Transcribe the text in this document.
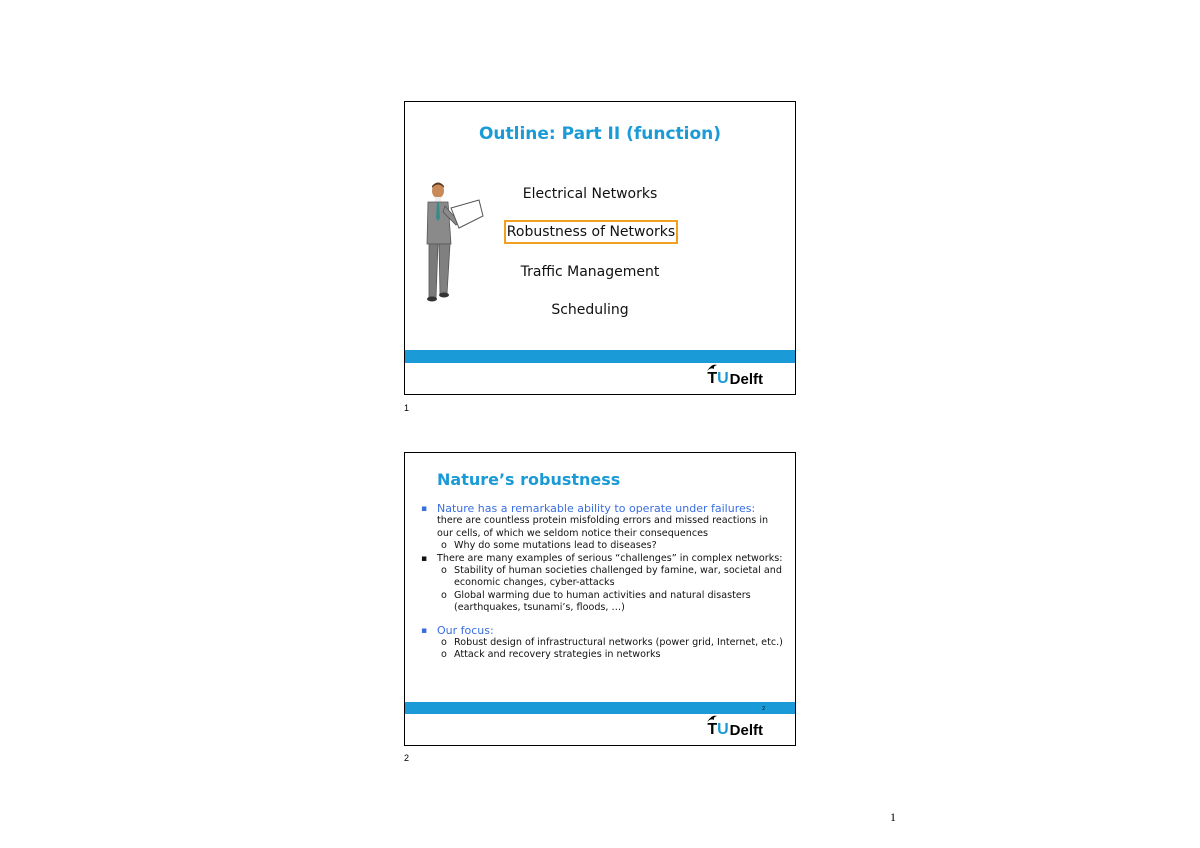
Outline: Part II (function)
Electrical Networks
Robustness of Networks
Traffic Management
Scheduling
TU Delft
1
Nature’s robustness
▪ Nature has a remarkable ability to operate under failures:
there are countless protein misfolding errors and missed reactions in our cells, of which we seldom notice their consequences
o Why do some mutations lead to diseases?
▪ There are many examples of serious “challenges” in complex networks:
o Stability of human societies challenged by famine, war, societal and economic changes, cyber-attacks
o Global warming due to human activities and natural disasters (earthquakes, tsunami’s, floods, …)
▪ Our focus:
o Robust design of infrastructural networks (power grid, Internet, etc.)
o Attack and recovery strategies in networks
2
TU Delft
2
1
